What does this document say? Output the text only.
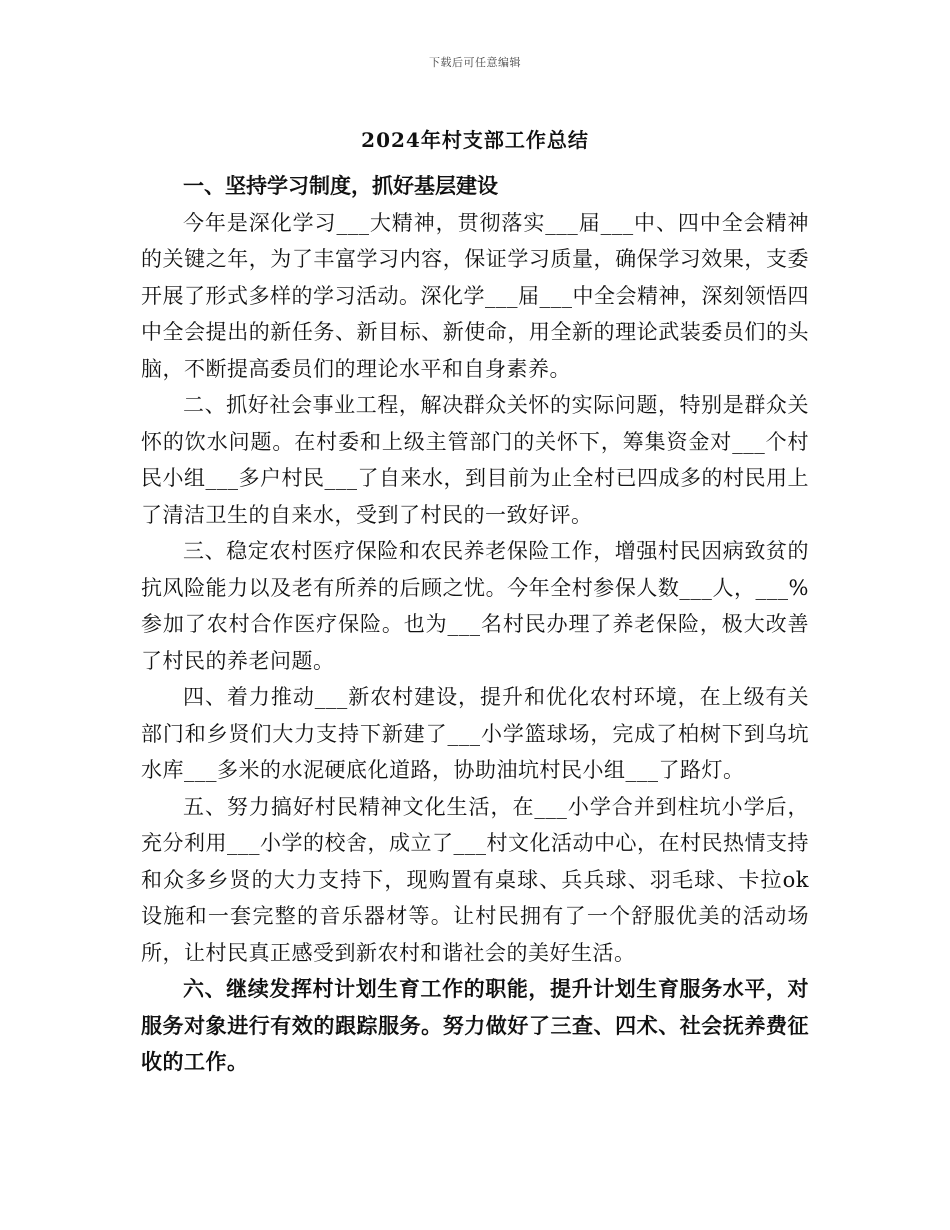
下载后可任意编辑
2024年村支部工作总结

一、坚持学习制度，抓好基层建设

今年是深化学习___大精神，贯彻落实___届___中、四中全会精神的关键之年，为了丰富学习内容，保证学习质量，确保学习效果，支委开展了形式多样的学习活动。深化学___届___中全会精神，深刻领悟四中全会提出的新任务、新目标、新使命，用全新的理论武装委员们的头脑，不断提高委员们的理论水平和自身素养。

二、抓好社会事业工程，解决群众关怀的实际问题，特别是群众关怀的饮水问题。在村委和上级主管部门的关怀下，筹集资金对___个村民小组___多户村民___了自来水，到目前为止全村已四成多的村民用上了清洁卫生的自来水，受到了村民的一致好评。

三、稳定农村医疗保险和农民养老保险工作，增强村民因病致贫的抗风险能力以及老有所养的后顾之忧。今年全村参保人数___人，___%参加了农村合作医疗保险。也为___名村民办理了养老保险，极大改善了村民的养老问题。

四、着力推动___新农村建设，提升和优化农村环境，在上级有关部门和乡贤们大力支持下新建了___小学篮球场，完成了柏树下到乌坑水库___多米的水泥硬底化道路，协助油坑村民小组___了路灯。

五、努力搞好村民精神文化生活，在___小学合并到柱坑小学后，充分利用___小学的校舍，成立了___村文化活动中心，在村民热情支持和众多乡贤的大力支持下，现购置有桌球、兵兵球、羽毛球、卡拉ok设施和一套完整的音乐器材等。让村民拥有了一个舒服优美的活动场所，让村民真正感受到新农村和谐社会的美好生活。

六、继续发挥村计划生育工作的职能，提升计划生育服务水平，对服务对象进行有效的跟踪服务。努力做好了三查、四术、社会抚养费征收的工作。
